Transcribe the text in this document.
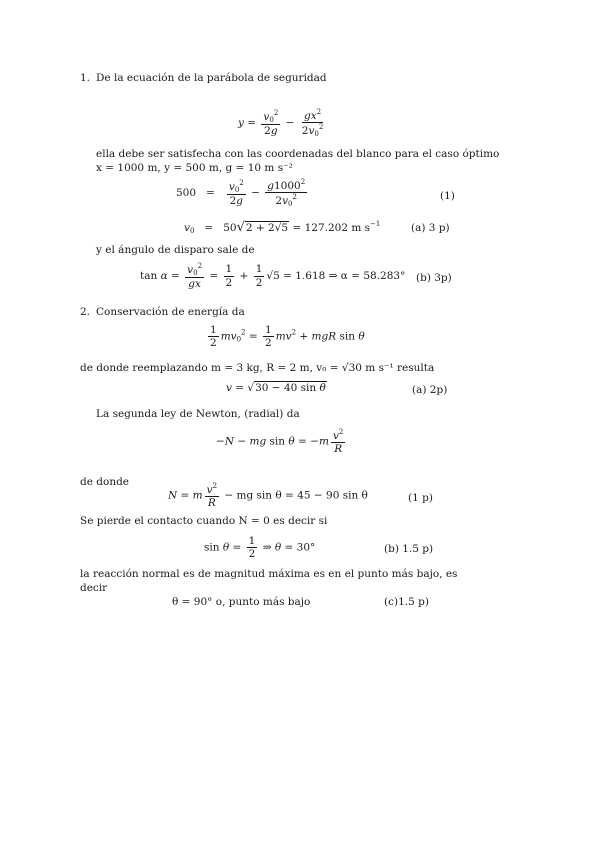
1. De la ecuación de la parábola de seguridad
$y = \frac{v_0^2}{2g} - \frac{gx^2}{2v_0^2}$
ella debe ser satisfecha con las coordenadas del blanco para el caso óptimo
x = 1000 m, y = 500 m, g = 10 m s⁻²
$500 = \frac{v_0^2}{2g} - \frac{g1000^2}{2v_0^2}$	(1)
$v_0 = 50√2 + 2√5 = 127.202$ m $s^{-1}$	(a) 3 p)
y el ángulo de disparo sale de
$\tan \alpha = \frac{v_0^2}{gx} = \frac{1}{2} + \frac{1}{2} √5 = 1.618$ ⇒ α = 58.283° (b) 3p)
2. Conservación de energía da
$\frac{1}{2} mv_0^2 = \frac{1}{2} mv^2$ + mgR sin θ
de donde reemplazando m = 3 kg, R = 2 m, v₀ = √30 m s⁻¹ resulta
v = √30 − 40 sin θ	(a) 2p)
La segunda ley de Newton, (radial) da
−N − mg $\sin \theta = -m \frac{v^2}{R}$
de donde
N = m $\frac{v^2}{R}$ − mg sin θ = 45 − 90 sin θ	(1 p)
Se pierde el contacto cuando N = 0 es decir si
$\sin \theta = \frac{1}{2}$ ⇒ θ = 30°	(b) 1.5 p)
la reacción normal es de magnitud máxima es en el punto más bajo, es
decir
θ = 90° o, punto más bajo	(c)1.5 p)
